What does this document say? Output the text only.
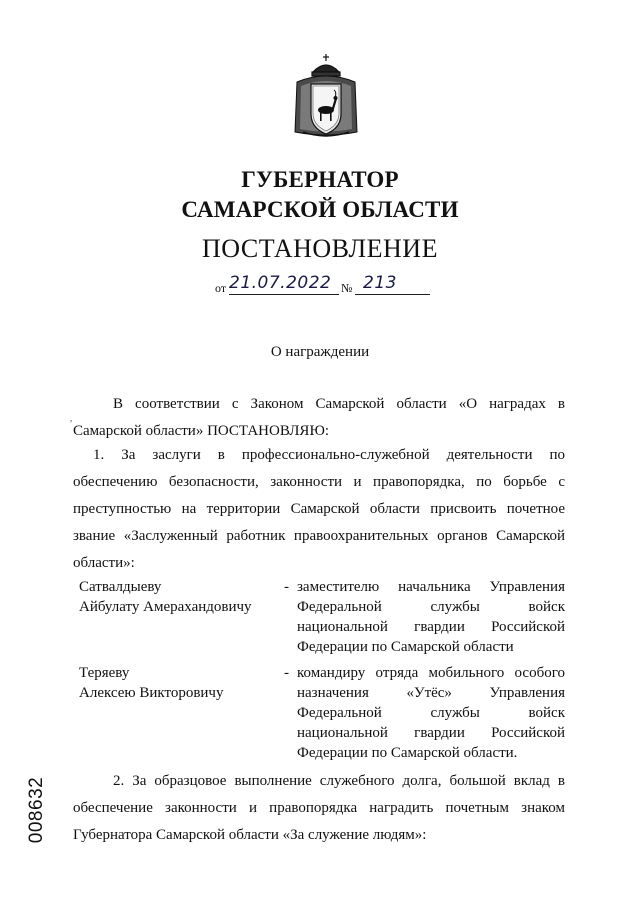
ГУБЕРНАТОР
САМАРСКОЙ ОБЛАСТИ
ПОСТАНОВЛЕНИЕ
от 21.07.2022 № 213
О награждении
′
В соответствии с Законом Самарской области «О наградах в Самарской области» ПОСТАНОВЛЯЮ:
1. За заслуги в профессионально-служебной деятельности по обеспечению безопасности, законности и правопорядка, по борьбе с преступностью на территории Самарской области присвоить почетное звание «Заслуженный работник правоохранительных органов Самарской области»:
Сатвалдыеву
Айбулату Амерахандовичу
- заместителю начальника Управления Федеральной службы войск национальной гвардии Российской Федерации по Самарской области
Теряеву
Алексею Викторовичу
- командиру отряда мобильного особого назначения «Утёс» Управления Федеральной службы войск национальной гвардии Российской Федерации по Самарской области.
2. За образцовое выполнение служебного долга, большой вклад в обеспечение законности и правопорядка наградить почетным знаком Губернатора Самарской области «За служение людям»:
008632
